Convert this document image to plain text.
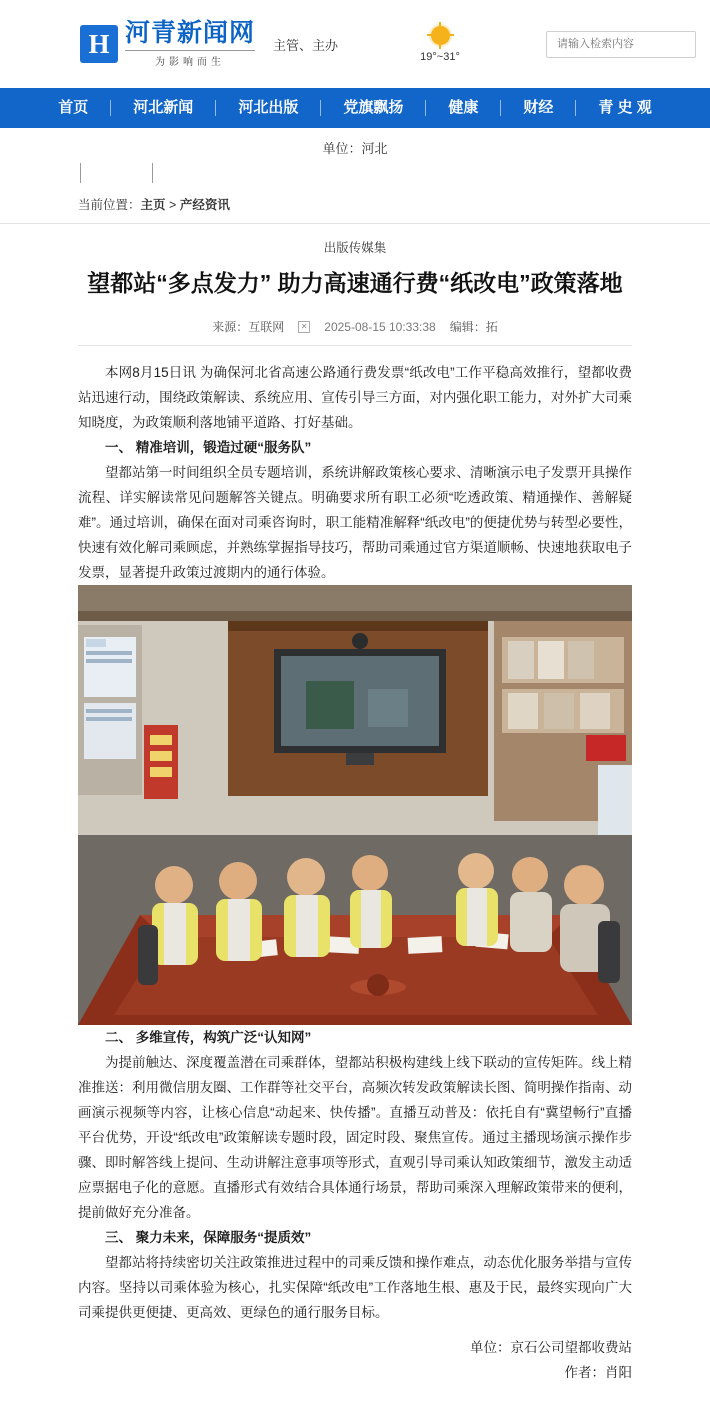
H 河青新闻网
为影响而生
主管、主办
19°~31°
请输入检索内容
首页	河北新闻	河北出版	党旗飘扬	健康	财经	青 史 观
单位：河北
当前位置：主页 > 产经资讯
出版传媒集
望都站“多点发力” 助力高速通行费“纸改电”政策落地
来源：互联网	✕ 2025-08-15 10:33:38 编辑：拓

本网8月15日讯 为确保河北省高速公路通行费发票“纸改电”工作平稳高效推行，望都收费站迅速行动，围绕政策解读、系统应用、宣传引导三方面，对内强化职工能力，对外扩大司乘知晓度，为政策顺利落地铺平道路、打好基础。

一、 精准培训，锻造过硬“服务队”

望都站第一时间组织全员专题培训，系统讲解政策核心要求、清晰演示电子发票开具操作流程、详实解读常见问题解答关键点。明确要求所有职工必须“吃透政策、精通操作、善解疑难”。通过培训，确保在面对司乘咨询时，职工能精准解释“纸改电”的便捷优势与转型必要性，快速有效化解司乘顾虑，并熟练掌握指导技巧，帮助司乘通过官方渠道顺畅、快速地获取电子发票，显著提升政策过渡期内的通行体验。

二、 多维宣传，构筑广泛“认知网”

为提前触达、深度覆盖潜在司乘群体，望都站积极构建线上线下联动的宣传矩阵。线上精准推送：利用微信朋友圈、工作群等社交平台，高频次转发政策解读长图、简明操作指南、动画演示视频等内容，让核心信息“动起来、快传播”。直播互动普及：依托自有“冀望畅行”直播平台优势，开设“纸改电”政策解读专题时段，固定时段、聚焦宣传。通过主播现场演示操作步骤、即时解答线上提问、生动讲解注意事项等形式，直观引导司乘认知政策细节，激发主动适应票据电子化的意愿。直播形式有效结合具体通行场景，帮助司乘深入理解政策带来的便利，提前做好充分准备。

三、 聚力未来，保障服务“提质效”

望都站将持续密切关注政策推进过程中的司乘反馈和操作难点，动态优化服务举措与宣传内容。坚持以司乘体验为核心，扎实保障“纸改电”工作落地生根、惠及于民，最终实现向广大司乘提供更便捷、更高效、更绿色的通行服务目标。

单位：京石公司望都收费站
作者：肖阳
